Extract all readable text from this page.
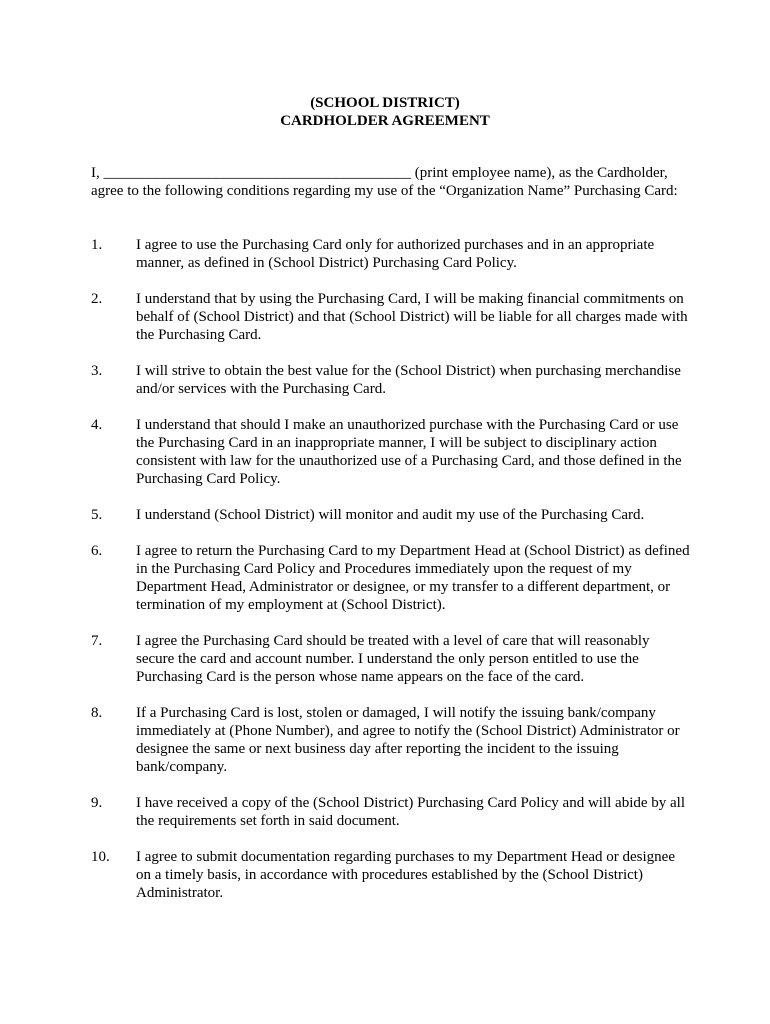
(SCHOOL DISTRICT)
CARDHOLDER AGREEMENT
I, _________________________________________ (print employee name), as the Cardholder, agree to the following conditions regarding my use of the “Organization Name” Purchasing Card:
1.	I agree to use the Purchasing Card only for authorized purchases and in an appropriate manner, as defined in (School District) Purchasing Card Policy.
2.	I understand that by using the Purchasing Card, I will be making financial commitments on behalf of (School District) and that (School District) will be liable for all charges made with the Purchasing Card.
3.	I will strive to obtain the best value for the (School District) when purchasing merchandise and/or services with the Purchasing Card.
4.	I understand that should I make an unauthorized purchase with the Purchasing Card or use the Purchasing Card in an inappropriate manner, I will be subject to disciplinary action consistent with law for the unauthorized use of a Purchasing Card, and those defined in the Purchasing Card Policy.
5.	I understand (School District) will monitor and audit my use of the Purchasing Card.
6.	I agree to return the Purchasing Card to my Department Head at (School District) as defined in the Purchasing Card Policy and Procedures immediately upon the request of my Department Head, Administrator or designee, or my transfer to a different department, or termination of my employment at (School District).
7.	I agree the Purchasing Card should be treated with a level of care that will reasonably secure the card and account number. I understand the only person entitled to use the Purchasing Card is the person whose name appears on the face of the card.
8.	If a Purchasing Card is lost, stolen or damaged, I will notify the issuing bank/company immediately at (Phone Number), and agree to notify the (School District) Administrator or designee the same or next business day after reporting the incident to the issuing bank/company.
9.	I have received a copy of the (School District) Purchasing Card Policy and will abide by all the requirements set forth in said document.
10.	I agree to submit documentation regarding purchases to my Department Head or designee on a timely basis, in accordance with procedures established by the (School District) Administrator.
